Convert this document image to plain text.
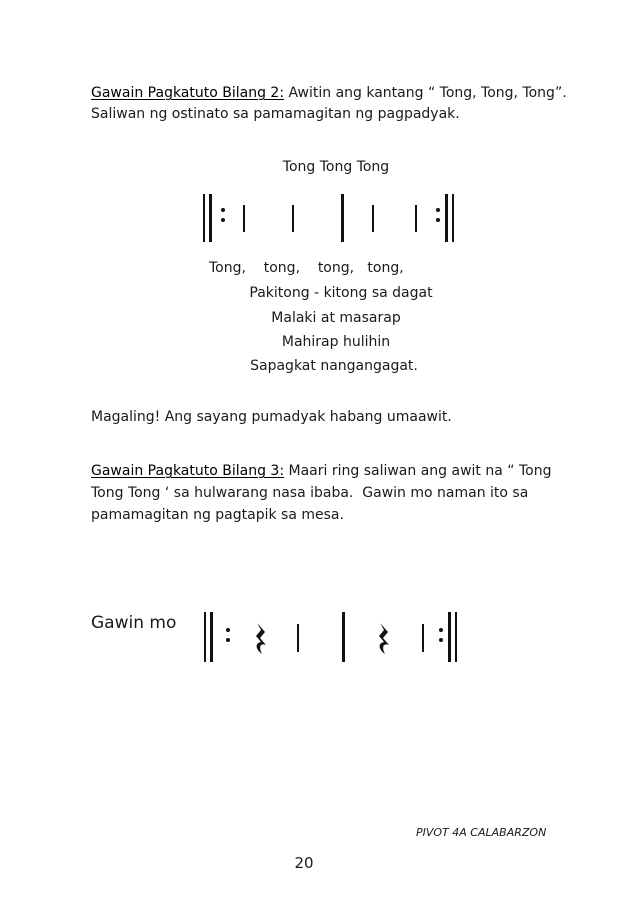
Gawain Pagkatuto Bilang 2: Awitin ang kantang “ Tong, Tong, Tong”.
Saliwan ng ostinato sa pamamagitan ng pagpadyak.
Tong Tong Tong
Tong,    tong,    tong,   tong,
Pakitong - kitong sa dagat
Malaki at masarap
Mahirap hulihin
Sapagkat nangangagat.
Magaling! Ang sayang pumadyak habang umaawit.
Gawain Pagkatuto Bilang 3: Maari ring saliwan ang awit na “ Tong
Tong Tong ‘ sa hulwarang nasa ibaba.  Gawin mo naman ito sa
pamamagitan ng pagtapik sa mesa.
Gawin mo
PIVOT 4A CALABARZON
20
